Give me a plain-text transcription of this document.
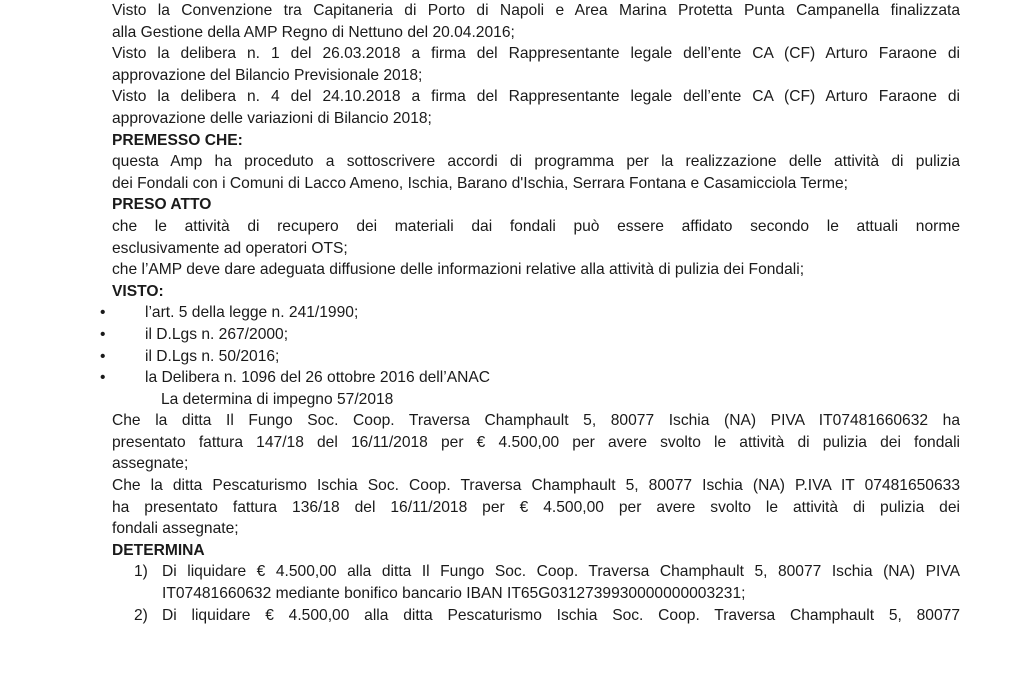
Visto la Convenzione tra Capitaneria di Porto di Napoli e Area Marina Protetta Punta Campanella finalizzata
alla Gestione della AMP Regno di Nettuno del 20.04.2016;
Visto la delibera n. 1 del 26.03.2018 a firma del Rappresentante legale dell’ente CA (CF) Arturo Faraone di
approvazione del Bilancio Previsionale 2018;
Visto la delibera n. 4 del 24.10.2018 a firma del Rappresentante legale dell’ente CA (CF) Arturo Faraone di
approvazione delle variazioni di Bilancio 2018;
PREMESSO CHE:
questa Amp ha proceduto a sottoscrivere accordi di programma per la realizzazione delle attività di pulizia
dei Fondali con i Comuni di Lacco Ameno, Ischia, Barano d'Ischia, Serrara Fontana e Casamicciola Terme;
PRESO ATTO
che le attività di recupero dei materiali dai fondali può essere affidato secondo le attuali norme
esclusivamente ad operatori OTS;
che l’AMP deve dare adeguata diffusione delle informazioni relative alla attività di pulizia dei Fondali;
VISTO:
•	l’art. 5 della legge n. 241/1990;
•	il D.Lgs n. 267/2000;
•	il D.Lgs n. 50/2016;
•	la Delibera n. 1096 del 26 ottobre 2016 dell’ANAC
La determina di impegno 57/2018
Che la ditta Il Fungo Soc. Coop. Traversa Champhault 5, 80077 Ischia (NA) PIVA IT07481660632 ha
presentato fattura 147/18 del 16/11/2018 per € 4.500,00 per avere svolto le attività di pulizia dei fondali
assegnate;
Che la ditta Pescaturismo Ischia Soc. Coop. Traversa Champhault 5, 80077 Ischia (NA) P.IVA IT 07481650633
ha presentato fattura 136/18 del 16/11/2018 per € 4.500,00 per avere svolto le attività di pulizia dei
fondali assegnate;
DETERMINA
1) Di liquidare € 4.500,00 alla ditta Il Fungo Soc. Coop. Traversa Champhault 5, 80077 Ischia (NA) PIVA
IT07481660632 mediante bonifico bancario IBAN IT65G0312739930000000003231;
2) Di liquidare € 4.500,00 alla ditta Pescaturismo Ischia Soc. Coop. Traversa Champhault 5, 80077
